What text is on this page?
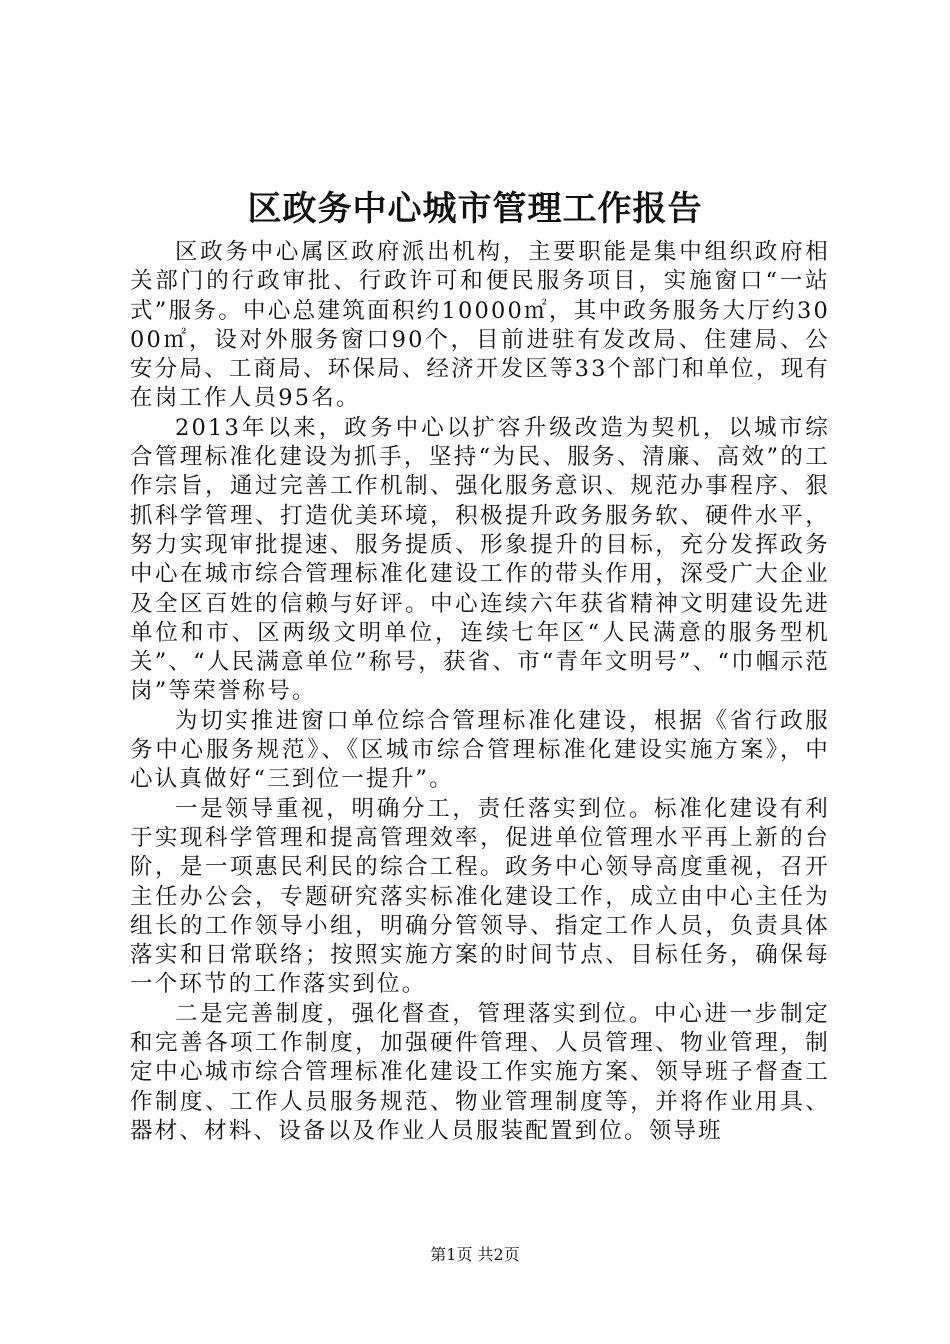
区政务中心城市管理工作报告

区政务中心属区政府派出机构，主要职能是集中组织政府相关部门的行政审批、行政许可和便民服务项目，实施窗口“一站式”服务。中心总建筑面积约10000㎡，其中政务服务大厅约3000㎡，设对外服务窗口90个，目前进驻有发改局、住建局、公安分局、工商局、环保局、经济开发区等33个部门和单位，现有在岗工作人员95名。

2013年以来，政务中心以扩容升级改造为契机，以城市综合管理标准化建设为抓手，坚持“为民、服务、清廉、高效”的工作宗旨，通过完善工作机制、强化服务意识、规范办事程序、狠抓科学管理、打造优美环境，积极提升政务服务软、硬件水平，努力实现审批提速、服务提质、形象提升的目标，充分发挥政务中心在城市综合管理标准化建设工作的带头作用，深受广大企业及全区百姓的信赖与好评。中心连续六年获省精神文明建设先进单位和市、区两级文明单位，连续七年区“人民满意的服务型机关”、“人民满意单位”称号，获省、市“青年文明号”、“巾帼示范岗”等荣誉称号。

为切实推进窗口单位综合管理标准化建设，根据《省行政服务中心服务规范》、《区城市综合管理标准化建设实施方案》，中心认真做好“三到位一提升”。

一是领导重视，明确分工，责任落实到位。标准化建设有利于实现科学管理和提高管理效率，促进单位管理水平再上新的台阶，是一项惠民利民的综合工程。政务中心领导高度重视，召开主任办公会，专题研究落实标准化建设工作，成立由中心主任为组长的工作领导小组，明确分管领导、指定工作人员，负责具体落实和日常联络；按照实施方案的时间节点、目标任务，确保每一个环节的工作落实到位。

二是完善制度，强化督查，管理落实到位。中心进一步制定和完善各项工作制度，加强硬件管理、人员管理、物业管理，制定中心城市综合管理标准化建设工作实施方案、领导班子督查工作制度、工作人员服务规范、物业管理制度等，并将作业用具、器材、材料、设备以及作业人员服装配置到位。领导班

第1页 共2页
